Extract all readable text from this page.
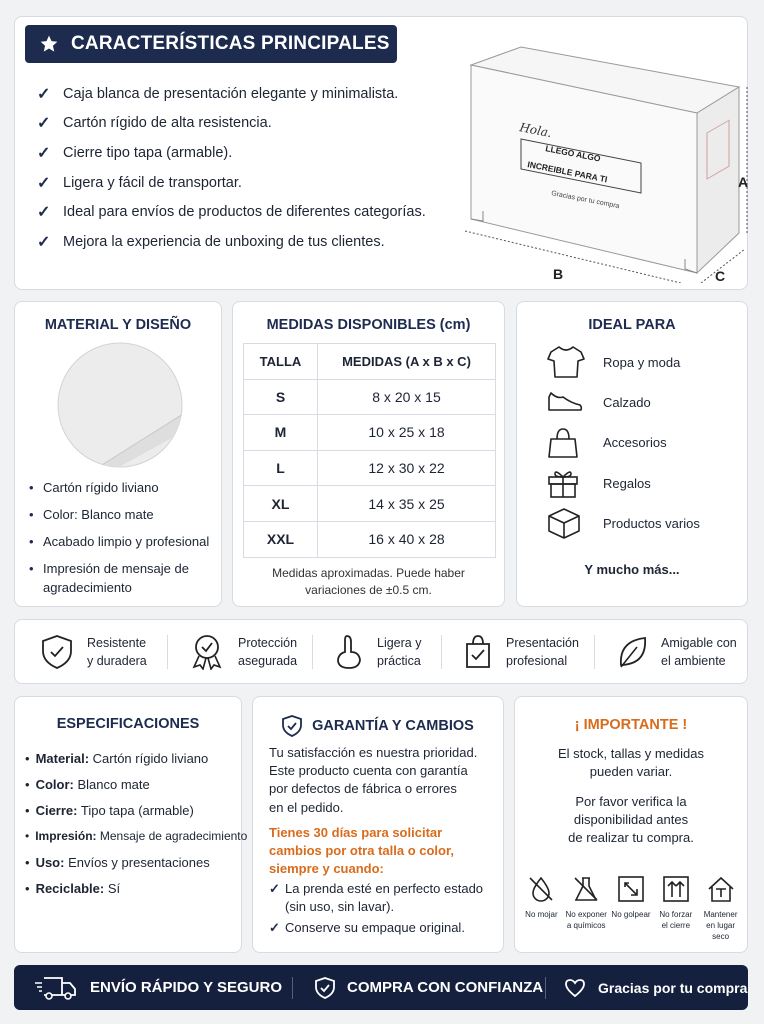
CARACTERÍSTICAS PRINCIPALES
✓ Caja blanca de presentación elegante y minimalista.
✓ Cartón rígido de alta resistencia.
✓ Cierre tipo tapa (armable).
✓ Ligera y fácil de transportar.
✓ Ideal para envíos de productos de diferentes categorías.
✓ Mejora la experiencia de unboxing de tus clientes.
Hola.
LLEGO ALGO
INCREIBLE PARA TI
Gracias por tu compra
A
B	C
MATERIAL Y DISEÑO
• Cartón rígido liviano
• Color: Blanco mate
• Acabado limpio y profesional
• Impresión de mensaje de agradecimiento
MEDIDAS DISPONIBLES (cm)
TALLA	MEDIDAS (A x B x C)
S	8 x 20 x 15
M	10 x 25 x 18
L	12 x 30 x 22
XL	14 x 35 x 25
XXL	16 x 40 x 28
Medidas aproximadas. Puede haber
variaciones de ±0.5 cm.
IDEAL PARA
Ropa y moda
Calzado
Accesorios
Regalos
Productos varios
Y mucho más...
Resistente
y duradera
Protección
asegurada
Ligera y
práctica
Presentación
profesional
Amigable con
el ambiente
ESPECIFICACIONES
• Material: Cartón rígido liviano
• Color: Blanco mate
• Cierre: Tipo tapa (armable)
• Impresión: Mensaje de agradecimiento
• Uso: Envíos y presentaciones
• Reciclable: Sí
GARANTÍA Y CAMBIOS
Tu satisfacción es nuestra prioridad.
Este producto cuenta con garantía
por defectos de fábrica o errores
en el pedido.
Tienes 30 días para solicitar
cambios por otra talla o color,
siempre y cuando:
✓ La prenda esté en perfecto estado (sin uso, sin lavar).
✓ Conserve su empaque original.
¡ IMPORTANTE !
El stock, tallas y medidas
pueden variar.
Por favor verifica la
disponibilidad antes
de realizar tu compra.
No mojar No exponer
a químicos
No golpear	No forzar
el cierre
Mantener
en lugar seco
ENVÍO RÁPIDO Y SEGURO	COMPRA CON CONFIANZA	Gracias por tu compra
